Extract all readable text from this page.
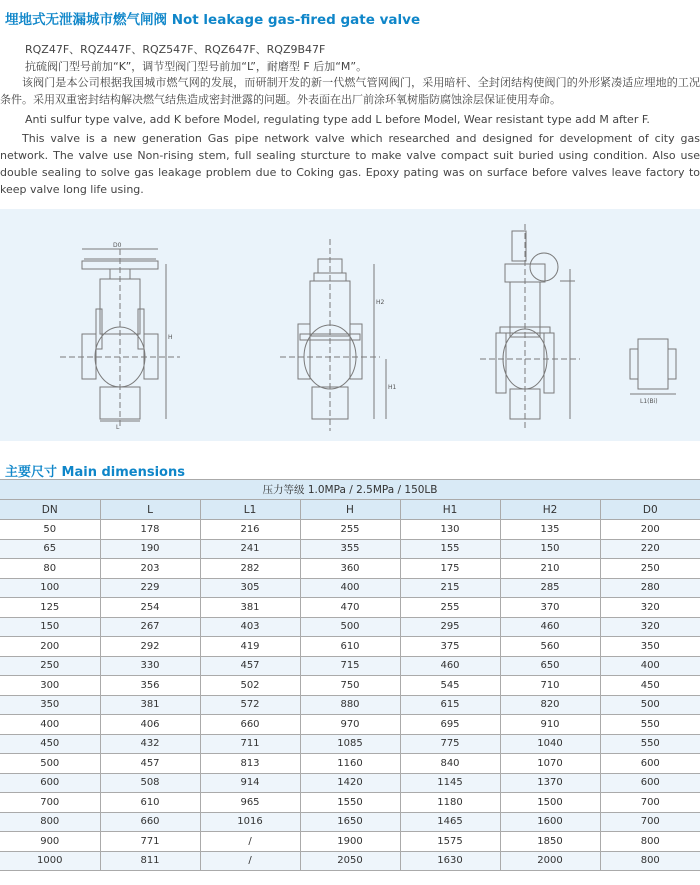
埋地式无泄漏城市燃气闸阀 Not leakage gas-fired gate valve
RQZ47F、RQZ447F、RQZ547F、RQZ647F、RQZ9B47F
抗硫阀门型号前加“K”，调节型阀门型号前加“L”，耐磨型 F 后加“M”。
该阀门是本公司根据我国城市燃气网的发展，而研制开发的新一代燃气管网阀门，采用暗杆、全封闭结构使阀门的外形紧凑适应埋地的工况条件。采用双重密封结构解决燃气结焦造成密封泄露的问题。外表面在出厂前涂环氧树脂防腐蚀涂层保证使用寿命。
Anti sulfur type valve, add K before Model, regulating type add L before Model, Wear resistant type add M after F.
This valve is a new generation Gas pipe network valve which researched and designed for development of city gas network. The valve use Non-rising stem, full sealing sturcture to make valve compact suit buried using condition. Also use double sealing to solve gas leakage problem due to Coking gas. Epoxy pating was on surface before valves leave factory to keep valve long life using.
D0
H
L
H2
H1
L1(Bi)
主要尺寸 Main dimensions
压力等级 1.0MPa / 2.5MPa / 150LB						
DN	L	L1	H	H1	H2	D0
50	178	216	255	130	135	200
65	190	241	355	155	150	220
80	203	282	360	175	210	250
100	229	305	400	215	285	280
125	254	381	470	255	370	320
150	267	403	500	295	460	320
200	292	419	610	375	560	350
250	330	457	715	460	650	400
300	356	502	750	545	710	450
350	381	572	880	615	820	500
400	406	660	970	695	910	550
450	432	711	1085	775	1040	550
500	457	813	1160	840	1070	600
600	508	914	1420	1145	1370	600
700	610	965	1550	1180	1500	700
800	660	1016	1650	1465	1600	700
900	771	/	1900	1575	1850	800
1000	811	/	2050	1630	2000	800
